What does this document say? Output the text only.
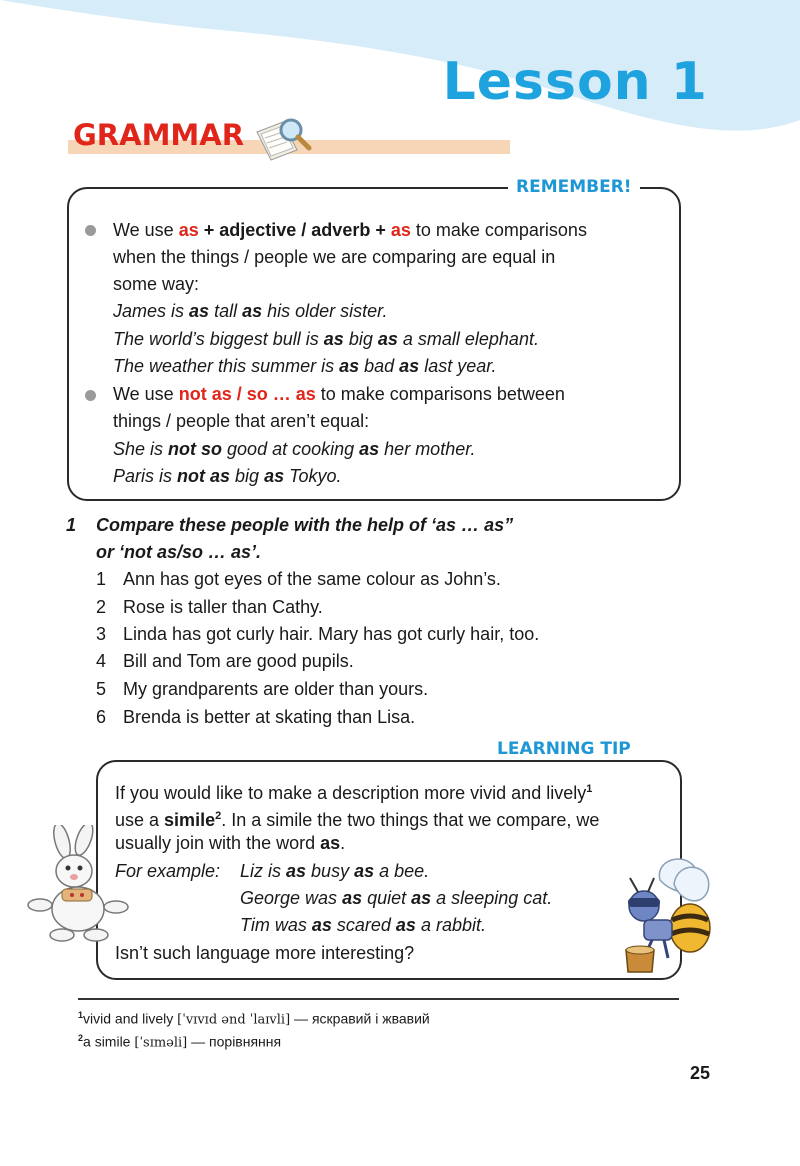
Lesson 1
GRAMMAR
REMEMBER!
We use as + adjective / adverb + as to make comparisons
when the things / people we are comparing are equal in
some way:
James is as tall as his older sister.
The world’s biggest bull is as big as a small elephant.
The weather this summer is as bad as last year.
We use not as / so … as to make comparisons between
things / people that aren’t equal:
She is not so good at cooking as her mother.
Paris is not as big as Tokyo.
1 Compare these people with the help of ‘as … as”
or ‘not as/so … as’.
1 Ann has got eyes of the same colour as John’s.
2 Rose is taller than Cathy.
3 Linda has got curly hair. Mary has got curly hair, too.
4 Bill and Tom are good pupils.
5 My grandparents are older than yours.
6 Brenda is better at skating than Lisa.
LEARNING TIP
If you would like to make a description more vivid and lively$^1$
use a simile$^2$. In a simile the two things that we compare, we
usually join with the word as.
For example: Liz is as busy as a bee.
George was as quiet as a sleeping cat.
Tim was as scared as a rabbit.
Isn’t such language more interesting?
$^1$vivid and lively [ˈvɪvɪd ənd ˈlaɪvli] — яскравий і жвавий
$^2$a simile [ˈsɪməli] — порівняння
25
